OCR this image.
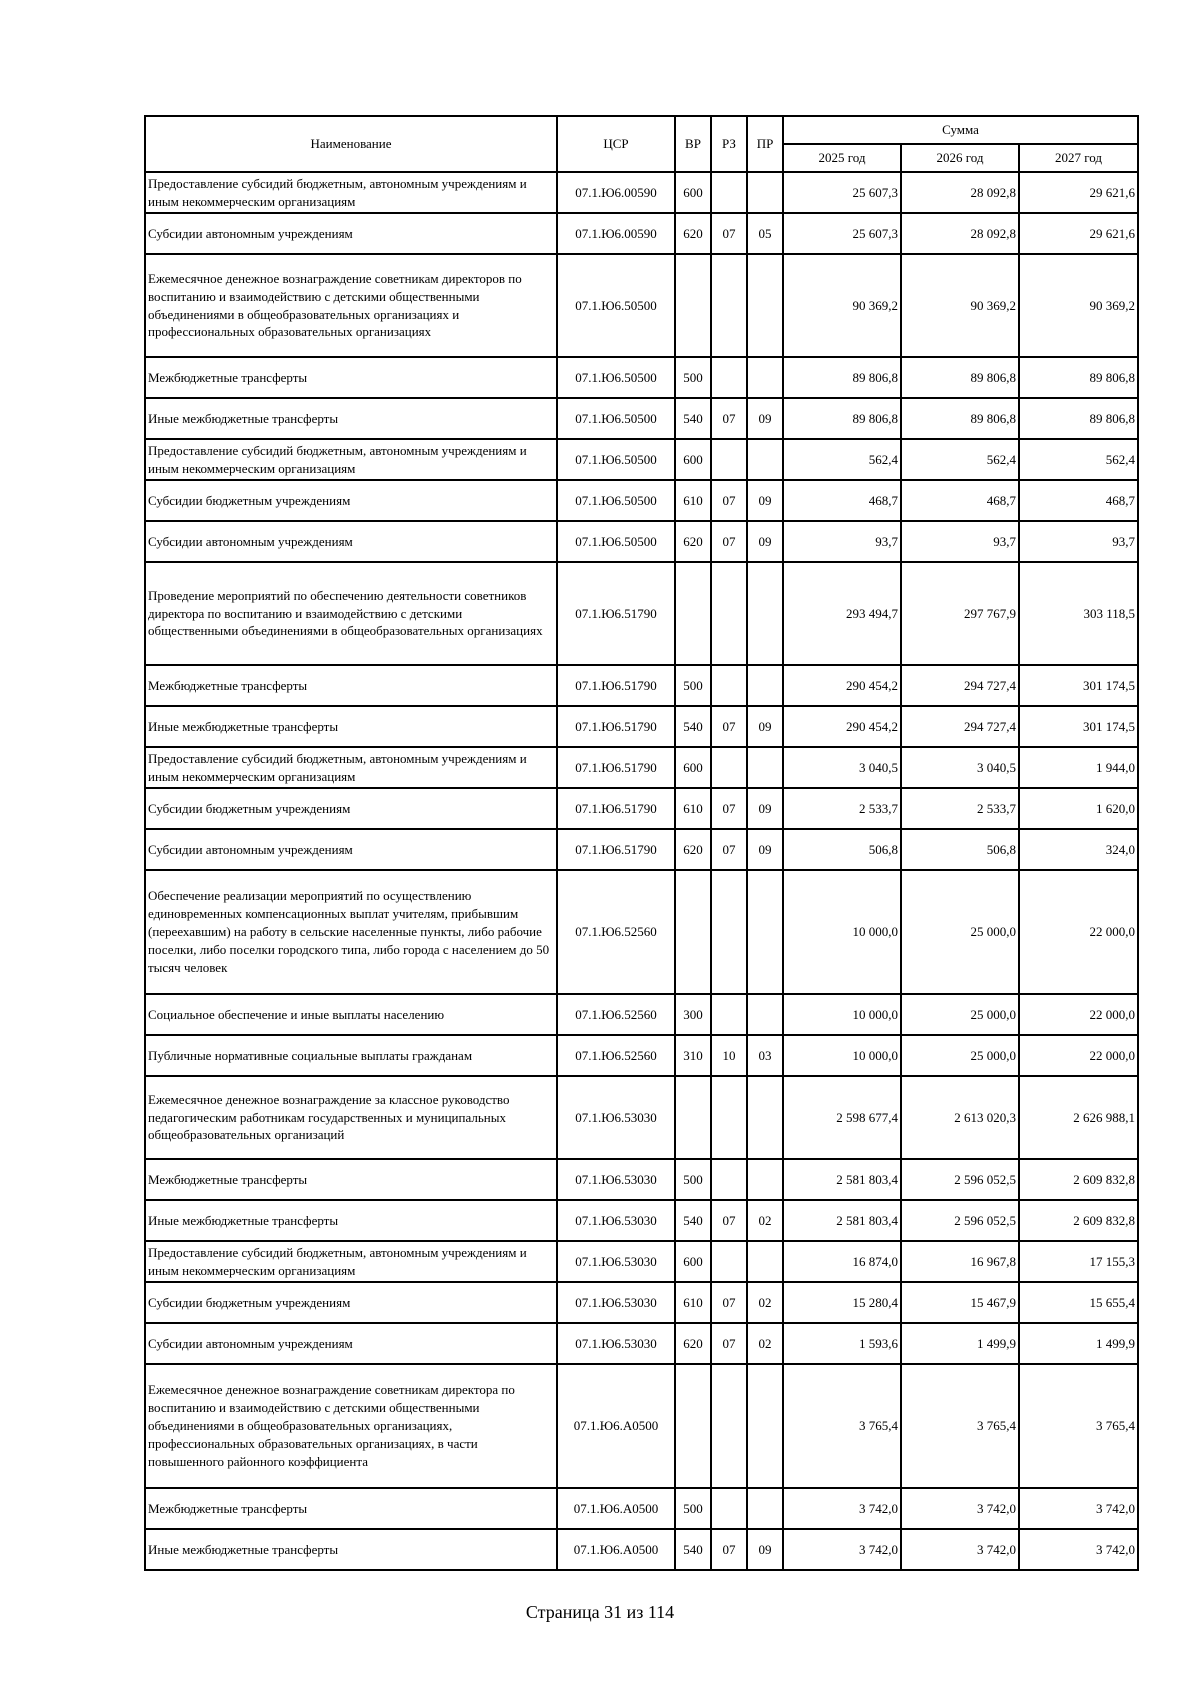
Наименование	ЦСР	ВР	РЗ	ПР	Сумма		
					2025 год	2026 год	2027 год
Предоставление субсидий бюджетным, автономным учреждениям и иным некоммерческим организациям	07.1.Ю6.00590	600			25 607,3	28 092,8	29 621,6
Субсидии автономным учреждениям	07.1.Ю6.00590	620	07	05	25 607,3	28 092,8	29 621,6
Ежемесячное денежное вознаграждение советникам директоров по воспитанию и взаимодействию с детскими общественными объединениями в общеобразовательных организациях и профессиональных образовательных организациях	07.1.Ю6.50500				90 369,2	90 369,2	90 369,2
Межбюджетные трансферты	07.1.Ю6.50500	500			89 806,8	89 806,8	89 806,8
Иные межбюджетные трансферты	07.1.Ю6.50500	540	07	09	89 806,8	89 806,8	89 806,8
Предоставление субсидий бюджетным, автономным учреждениям и иным некоммерческим организациям	07.1.Ю6.50500	600			562,4	562,4	562,4
Субсидии бюджетным учреждениям	07.1.Ю6.50500	610	07	09	468,7	468,7	468,7
Субсидии автономным учреждениям	07.1.Ю6.50500	620	07	09	93,7	93,7	93,7
Проведение мероприятий по обеспечению деятельности советников директора по воспитанию и взаимодействию с детскими общественными объединениями в общеобразовательных организациях	07.1.Ю6.51790				293 494,7	297 767,9	303 118,5
Межбюджетные трансферты	07.1.Ю6.51790	500			290 454,2	294 727,4	301 174,5
Иные межбюджетные трансферты	07.1.Ю6.51790	540	07	09	290 454,2	294 727,4	301 174,5
Предоставление субсидий бюджетным, автономным учреждениям и иным некоммерческим организациям	07.1.Ю6.51790	600			3 040,5	3 040,5	1 944,0
Субсидии бюджетным учреждениям	07.1.Ю6.51790	610	07	09	2 533,7	2 533,7	1 620,0
Субсидии автономным учреждениям	07.1.Ю6.51790	620	07	09	506,8	506,8	324,0
Обеспечение реализации мероприятий по осуществлению единовременных компенсационных выплат учителям, прибывшим (переехавшим) на работу в сельские населенные пункты, либо рабочие поселки, либо поселки городского типа, либо города с населением до 50 тысяч человек	07.1.Ю6.52560				10 000,0	25 000,0	22 000,0
Социальное обеспечение и иные выплаты населению	07.1.Ю6.52560	300			10 000,0	25 000,0	22 000,0
Публичные нормативные социальные выплаты гражданам	07.1.Ю6.52560	310	10	03	10 000,0	25 000,0	22 000,0
Ежемесячное денежное вознаграждение за классное руководство педагогическим работникам государственных и муниципальных общеобразовательных организаций	07.1.Ю6.53030				2 598 677,4	2 613 020,3	2 626 988,1
Межбюджетные трансферты	07.1.Ю6.53030	500			2 581 803,4	2 596 052,5	2 609 832,8
Иные межбюджетные трансферты	07.1.Ю6.53030	540	07	02	2 581 803,4	2 596 052,5	2 609 832,8
Предоставление субсидий бюджетным, автономным учреждениям и иным некоммерческим организациям	07.1.Ю6.53030	600			16 874,0	16 967,8	17 155,3
Субсидии бюджетным учреждениям	07.1.Ю6.53030	610	07	02	15 280,4	15 467,9	15 655,4
Субсидии автономным учреждениям	07.1.Ю6.53030	620	07	02	1 593,6	1 499,9	1 499,9
Ежемесячное денежное вознаграждение советникам директора по воспитанию и взаимодействию с детскими общественными объединениями в общеобразовательных организациях, профессиональных образовательных организациях, в части повышенного районного коэффициента	07.1.Ю6.А0500				3 765,4	3 765,4	3 765,4
Межбюджетные трансферты	07.1.Ю6.А0500	500			3 742,0	3 742,0	3 742,0
Иные межбюджетные трансферты	07.1.Ю6.А0500	540	07	09	3 742,0	3 742,0	3 742,0
Страница 31 из 114
